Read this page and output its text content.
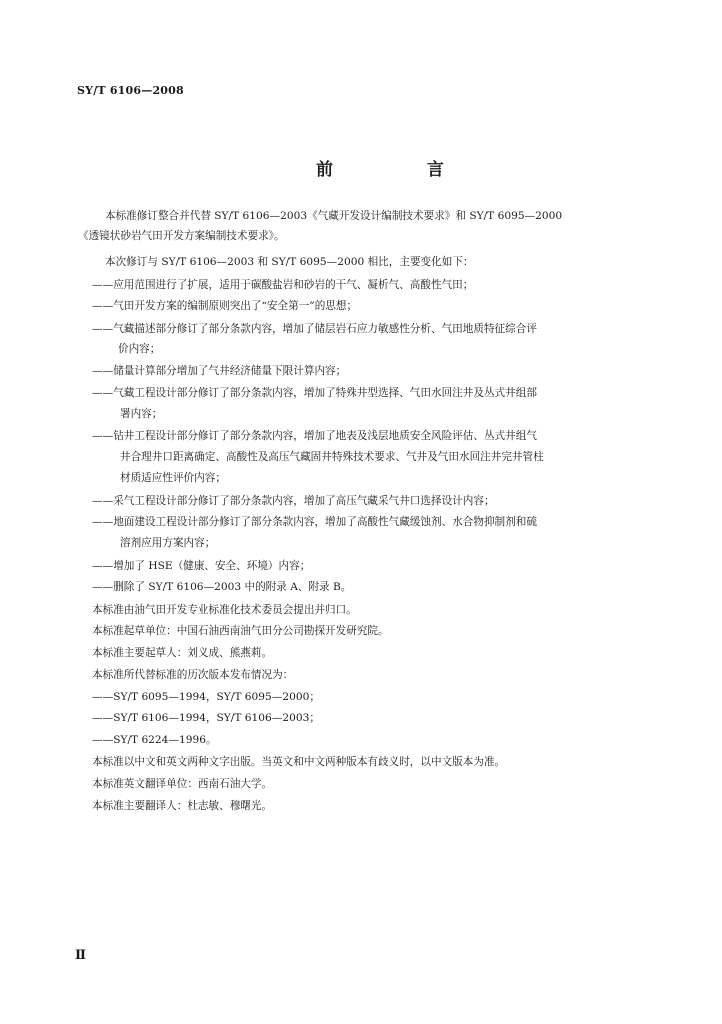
SY/T 6106—2008
前 言
本标准修订整合并代替 SY/T 6106—2003《气藏开发设计编制技术要求》和 SY/T 6095—2000
《透镜状砂岩气田开发方案编制技术要求》。
本次修订与 SY/T 6106—2003 和 SY/T 6095—2000 相比，主要变化如下：
——应用范围进行了扩展，适用于碳酸盐岩和砂岩的干气、凝析气、高酸性气田；
——气田开发方案的编制原则突出了“安全第一”的思想；
——气藏描述部分修订了部分条款内容，增加了储层岩石应力敏感性分析、气田地质特征综合评
价内容；
——储量计算部分增加了气井经济储量下限计算内容；
——气藏工程设计部分修订了部分条款内容，增加了特殊井型选择、气田水回注井及丛式井组部
署内容；
——钻井工程设计部分修订了部分条款内容，增加了地表及浅层地质安全风险评估、丛式井组气
井合理井口距离确定、高酸性及高压气藏固井特殊技术要求、气井及气田水回注井完井管柱
材质适应性评价内容；
——采气工程设计部分修订了部分条款内容，增加了高压气藏采气井口选择设计内容；
——地面建设工程设计部分修订了部分条款内容，增加了高酸性气藏缓蚀剂、水合物抑制剂和硫
溶剂应用方案内容；
——增加了 HSE（健康、安全、环境）内容；
——删除了 SY/T 6106—2003 中的附录 A、附录 B。
本标准由油气田开发专业标准化技术委员会提出并归口。
本标准起草单位：中国石油西南油气田分公司勘探开发研究院。
本标准主要起草人：刘义成、熊燕莉。
本标准所代替标准的历次版本发布情况为：
——SY/T 6095—1994，SY/T 6095—2000；
——SY/T 6106—1994，SY/T 6106—2003；
——SY/T 6224—1996。
本标准以中文和英文两种文字出版。当英文和中文两种版本有歧义时，以中文版本为准。
本标准英文翻译单位：西南石油大学。
本标准主要翻译人：杜志敏、穆曙光。
Ⅱ
